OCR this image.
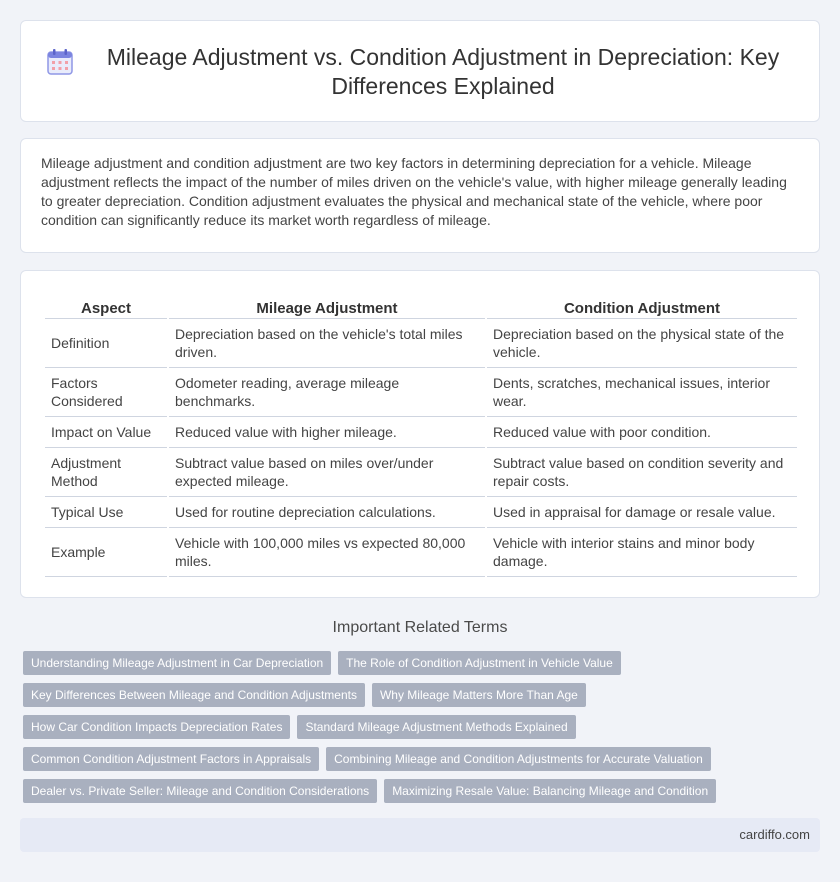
Mileage Adjustment vs. Condition Adjustment in Depreciation: Key Differences Explained

Mileage adjustment and condition adjustment are two key factors in determining depreciation for a vehicle. Mileage adjustment reflects the impact of the number of miles driven on the vehicle's value, with higher mileage generally leading to greater depreciation. Condition adjustment evaluates the physical and mechanical state of the vehicle, where poor condition can significantly reduce its market worth regardless of mileage.

Aspect	Mileage Adjustment	Condition Adjustment
Definition	Depreciation based on the vehicle's total miles driven.	Depreciation based on the physical state of the vehicle.
Factors Considered	Odometer reading, average mileage benchmarks.	Dents, scratches, mechanical issues, interior wear.
Impact on Value	Reduced value with higher mileage.	Reduced value with poor condition.
Adjustment Method	Subtract value based on miles over/under expected mileage.	Subtract value based on condition severity and repair costs.
Typical Use	Used for routine depreciation calculations.	Used in appraisal for damage or resale value.
Example	Vehicle with 100,000 miles vs expected 80,000 miles.	Vehicle with interior stains and minor body damage.
Important Related Terms
Understanding Mileage Adjustment in Car Depreciation	The Role of Condition Adjustment in Vehicle Value
Key Differences Between Mileage and Condition Adjustments	Why Mileage Matters More Than Age
How Car Condition Impacts Depreciation Rates	Standard Mileage Adjustment Methods Explained
Common Condition Adjustment Factors in Appraisals	Combining Mileage and Condition Adjustments for Accurate Valuation
Dealer vs. Private Seller: Mileage and Condition Considerations	Maximizing Resale Value: Balancing Mileage and Condition
cardiffo.com
